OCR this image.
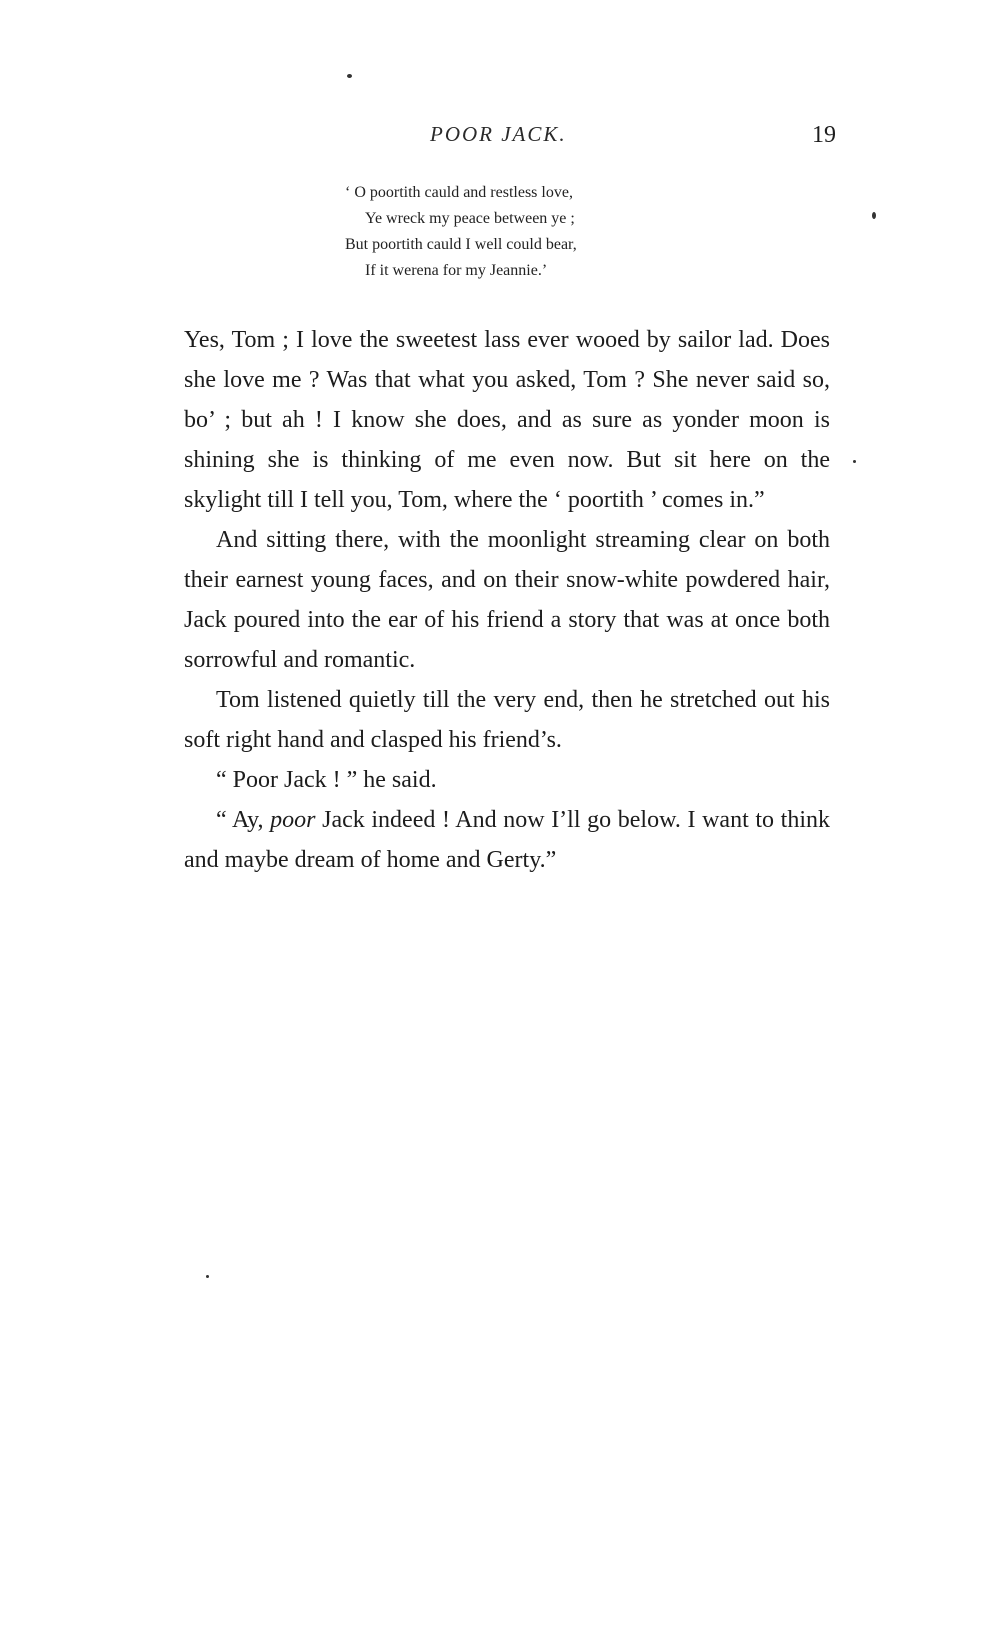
POOR JACK.	19
‘ O poortith cauld and restless love,
Ye wreck my peace between ye ;
But poortith cauld I well could bear,
If it werena for my Jeannie.’

Yes, Tom ; I love the sweetest lass ever wooed by sailor lad. Does she love me ? Was that what you asked, Tom ? She never said so, bo’ ; but ah ! I know she does, and as sure as yonder moon is shining she is thinking of me even now. But sit here on the skylight till I tell you, Tom, where the ‘ poortith ’ comes in.”

And sitting there, with the moonlight streaming clear on both their earnest young faces, and on their snow-white powdered hair, Jack poured into the ear of his friend a story that was at once both sorrowful and romantic.

Tom listened quietly till the very end, then he stretched out his soft right hand and clasped his friend’s.

“ Poor Jack ! ” he said.

“ Ay, poor Jack indeed ! And now I’ll go below. I want to think and maybe dream of home and Gerty.”
